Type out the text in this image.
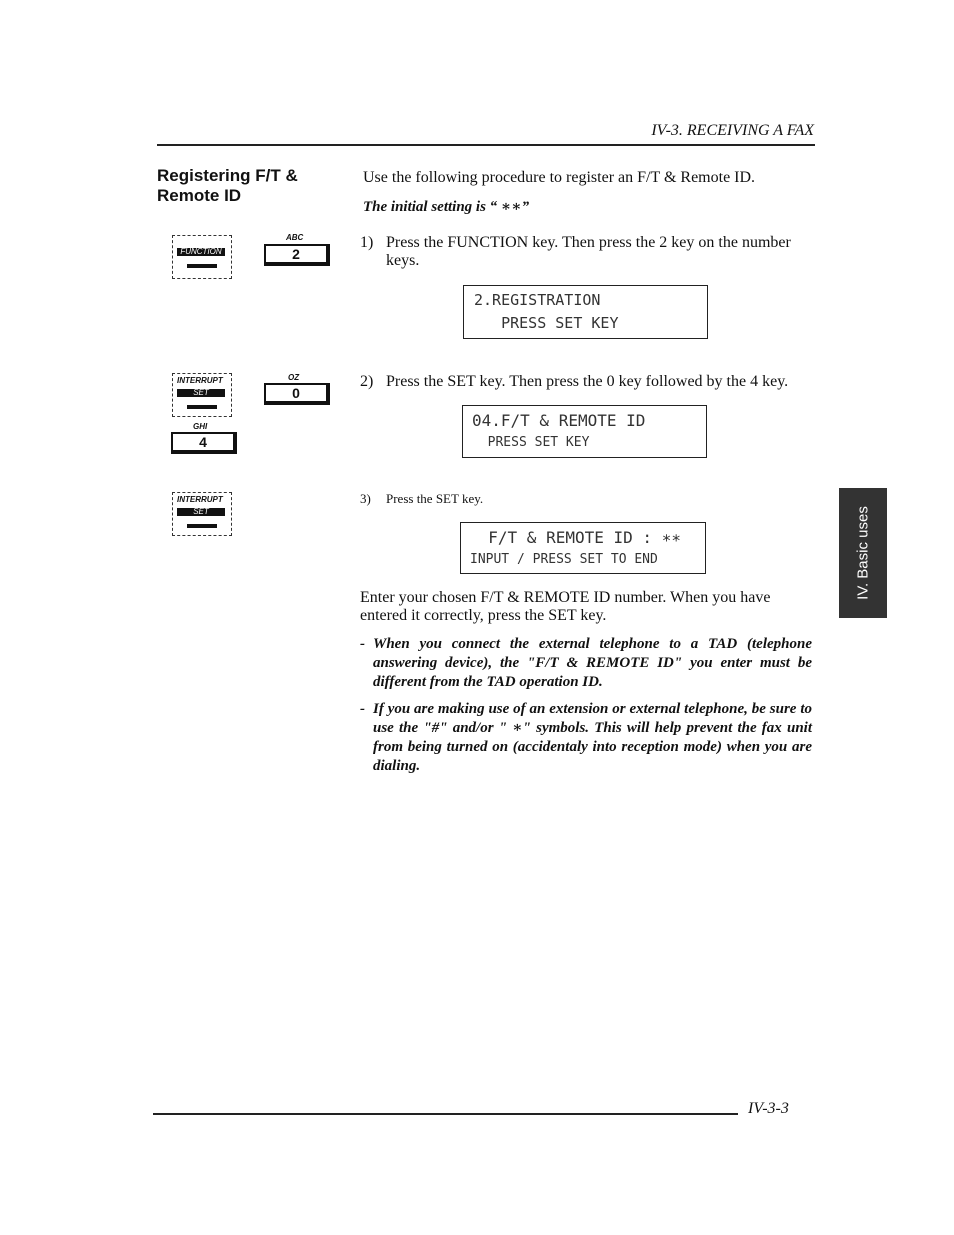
IV-3. RECEIVING A FAX
Registering F/T & Remote ID
Use the following procedure to register an F/T & Remote ID.
The initial setting is “ ∗∗”
FUNCTION
ABC
2
1) Press the FUNCTION key. Then press the 2 key on the number keys.
2.REGISTRATION
PRESS SET KEY
INTERRUPT
SET
OZ
0
GHI
4
2) Press the SET key. Then press the 0 key followed by the 4 key.
04.F/T & REMOTE ID
PRESS SET KEY
INTERRUPT
SET
3) Press the SET key.
F/T & REMOTE ID : ∗∗
INPUT / PRESS SET TO END
Enter your chosen F/T & REMOTE ID number. When you have entered it correctly, press the SET key.
- When you connect the external telephone to a TAD (telephone answering device), the "F/T & REMOTE ID" you enter must be different from the TAD operation ID.
- If you are making use of an extension or external telephone, be sure to use the "#" and/or " ∗" symbols. This will help prevent the fax unit from being turned on (accidentaly into reception mode) when you are dialing.
IV. Basic uses
IV-3-3
